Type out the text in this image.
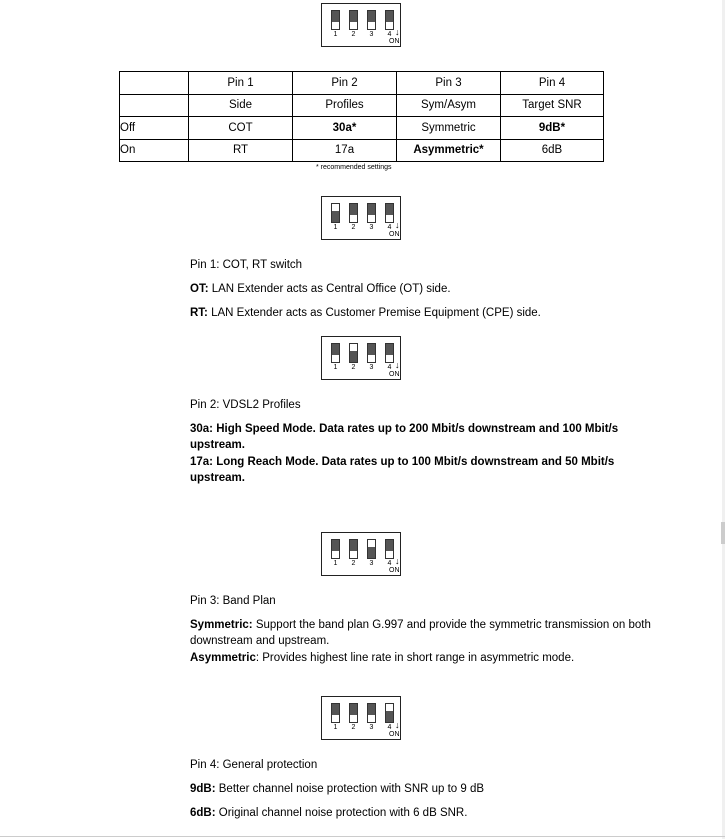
1	2	3	4 ↓
ON
1	2	3	4 ↓
ON
1	2	3	4 ↓
ON
1	2	3	4 ↓
ON
1	2	3	4 ↓
ON
	Pin 1	Pin 2	Pin 3	Pin 4
	Side	Profiles	Sym/Asym	Target SNR
Off	COT	30a*	Symmetric	9dB*
On	RT	17a	Asymmetric*	6dB
* recommended settings
Pin 1: COT, RT switch
OT: LAN Extender acts as Central Office (OT) side.
RT: LAN Extender acts as Customer Premise Equipment (CPE) side.
Pin 2: VDSL2 Profiles
30a: High Speed Mode. Data rates up to 200 Mbit/s downstream and 100 Mbit/s upstream.
17a: Long Reach Mode. Data rates up to 100 Mbit/s downstream and 50 Mbit/s upstream.
Pin 3: Band Plan
Symmetric: Support the band plan G.997 and provide the symmetric transmission on both downstream and upstream.
Asymmetric: Provides highest line rate in short range in asymmetric mode.
Pin 4: General protection
9dB: Better channel noise protection with SNR up to 9 dB
6dB: Original channel noise protection with 6 dB SNR.
